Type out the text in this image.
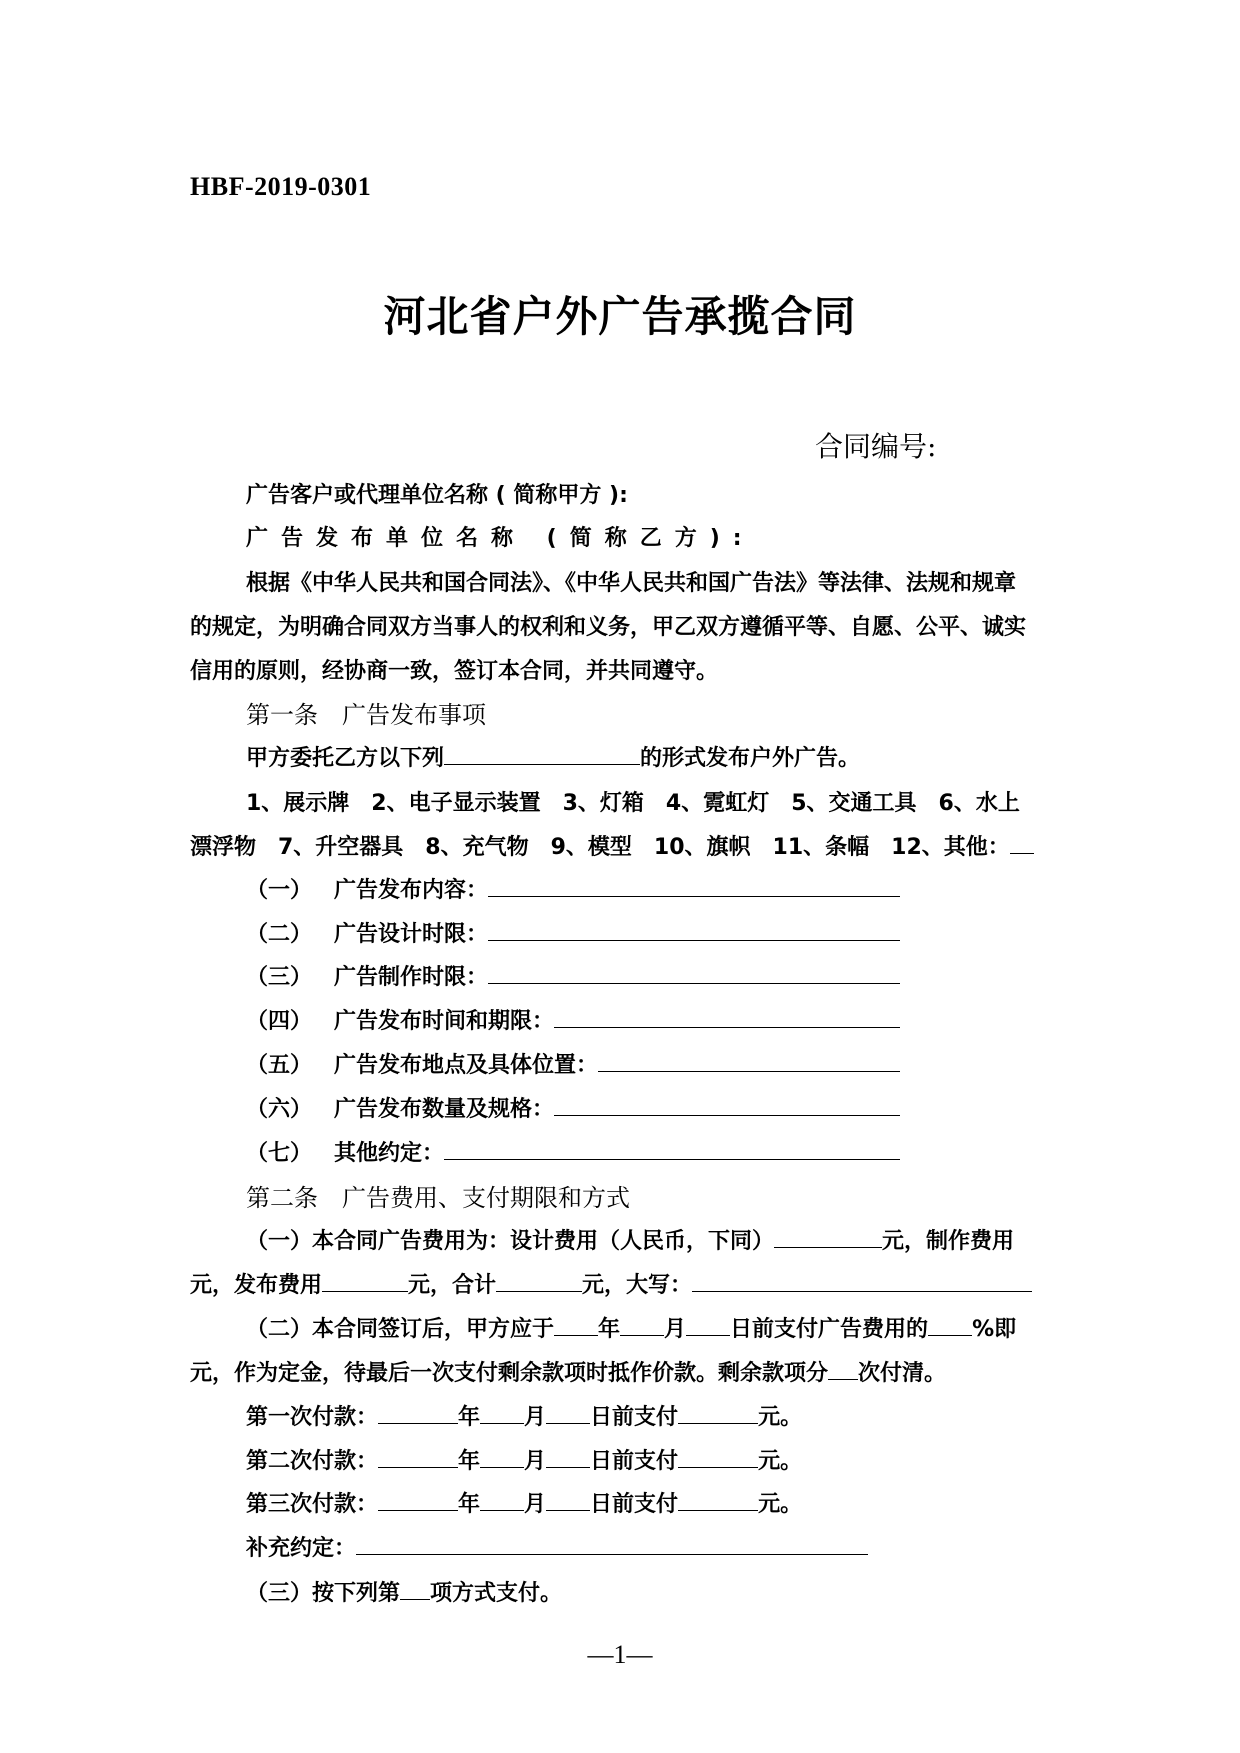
HBF-2019-0301
河北省户外广告承揽合同
合同编号:
广告客户或代理单位名称 ( 简称甲方 ):
广告发布单位名称 (简称乙方):
根据《中华人民共和国合同法》、《中华人民共和国广告法》等法律、法规和规章
的规定，为明确合同双方当事人的权利和义务，甲乙双方遵循平等、自愿、公平、诚实
信用的原则，经协商一致，签订本合同，并共同遵守。
第一条　广告发布事项
甲方委托乙方以下列	的形式发布户外广告。
1、展示牌　2、电子显示装置　3、灯箱　4、霓虹灯　5、交通工具　6、水上
漂浮物　7、升空器具　8、充气物　9、模型　10、旗帜　11、条幅　12、其他：
（一） 广告发布内容：
（二） 广告设计时限：
（三） 广告制作时限：
（四） 广告发布时间和期限：
（五） 广告发布地点及具体位置：
（六） 广告发布数量及规格：
（七） 其他约定：
第二条　广告费用、支付期限和方式
（一）本合同广告费用为：设计费用（人民币，下同）	元，制作费用
元，发布费用	元，合计	元，大写：
（二）本合同签订后，甲方应于 年 月 日前支付广告费用的 %即
元，作为定金，待最后一次支付剩余款项时抵作价款。剩余款项分 次付清。
第一次付款：	年 月 日前支付	元。
第二次付款：	年 月 日前支付	元。
第三次付款：	年 月 日前支付	元。
补充约定：
（三）按下列第 项方式支付。
—1—
